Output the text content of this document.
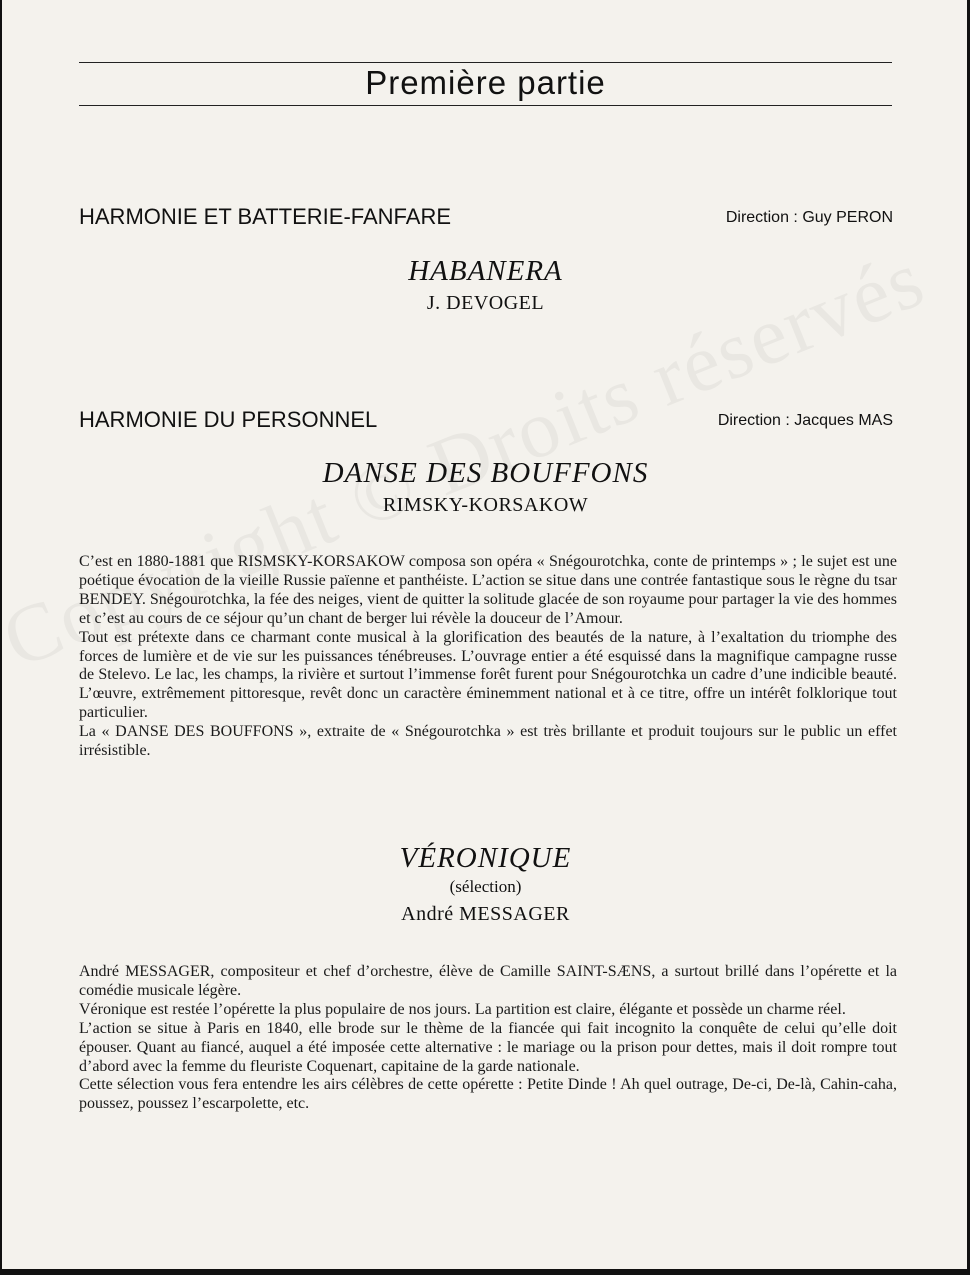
Première partie
HARMONIE ET BATTERIE-FANFARE	Direction : Guy PERON
HABANERA
J. DEVOGEL
HARMONIE DU PERSONNEL	Direction : Jacques MAS
DANSE DES BOUFFONS
RIMSKY-KORSAKOW

C’est en 1880-1881 que RISMSKY-KORSAKOW composa son opéra « Snégourotchka, conte de printemps » ; le sujet est une poétique évocation de la vieille Russie païenne et panthéiste. L’action se situe dans une contrée fantastique sous le règne du tsar BENDEY. Snégourotchka, la fée des neiges, vient de quitter la solitude glacée de son royaume pour partager la vie des hommes et c’est au cours de ce séjour qu’un chant de berger lui révèle la douceur de l’Amour.

Tout est prétexte dans ce charmant conte musical à la glorification des beautés de la nature, à l’exaltation du triomphe des forces de lumière et de vie sur les puissances ténébreuses. L’ouvrage entier a été esquissé dans la magnifique campagne russe de Stelevo. Le lac, les champs, la rivière et surtout l’immense forêt furent pour Snégourotchka un cadre d’une indicible beauté. L’œuvre, extrêmement pittoresque, revêt donc un caractère éminemment national et à ce titre, offre un intérêt folklorique tout particulier.

La « DANSE DES BOUFFONS », extraite de « Snégourotchka » est très brillante et produit toujours sur le public un effet irrésistible.

VÉRONIQUE
(sélection)
André MESSAGER

André MESSAGER, compositeur et chef d’orchestre, élève de Camille SAINT-SÆNS, a surtout brillé dans l’opérette et la comédie musicale légère.

Véronique est restée l’opérette la plus populaire de nos jours. La partition est claire, élégante et possède un charme réel.

L’action se situe à Paris en 1840, elle brode sur le thème de la fiancée qui fait incognito la conquête de celui qu’elle doit épouser. Quant au fiancé, auquel a été imposée cette alternative : le mariage ou la prison pour dettes, mais il doit rompre tout d’abord avec la femme du fleuriste Coquenart, capitaine de la garde nationale.

Cette sélection vous fera entendre les airs célèbres de cette opérette : Petite Dinde ! Ah quel outrage, De-ci, De-là, Cahin-caha, poussez, poussez l’escarpolette, etc.
